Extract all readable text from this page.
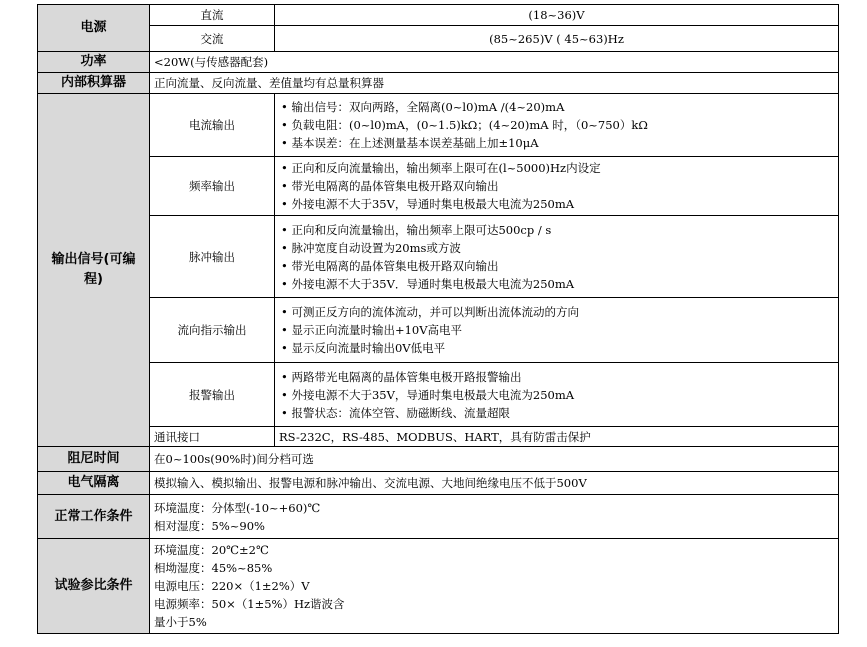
电源	直流	(18~36)V
	交流	(85~265)V ( 45~63)Hz
功率	<20W(与传感器配套)	
内部积算器	正向流量、反向流量、差值量均有总量积算器	
输出信号(可编程)	电流输出	• 输出信号：双向两路，全隔离(0~l0)mA /(4~20)mA
• 负载电阻：(0~l0)mA，(0~1.5)kΩ；(4~20)mA 时，（0~750）kΩ
• 基本误差：在上述测量基本误差基础上加±10μA

	频率输出	• 正向和反向流量输出，输出频率上限可在(l~5000)Hz内设定
• 带光电隔离的晶体管集电极开路双向输出
• 外接电源不大于35V，导通时集电极最大电流为250mA

	脉冲输出	• 正向和反向流量输出，输出频率上限可达500cp / s
• 脉冲宽度自动设置为20ms或方波
• 带光电隔离的晶体管集电极开路双向输出
• 外接电源不大于35V．导通时集电极最大电流为250mA

	流向指示输出	• 可测正反方向的流体流动，并可以判断出流体流动的方向
• 显示正向流量时输出+10V高电平
• 显示反向流量时输出0V低电平

	报警输出	• 两路带光电隔离的晶体管集电极开路报警输出
• 外接电源不大于35V，导通时集电极最大电流为250mA
• 报警状态：流体空管、励磁断线、流量超限

	通讯接口	RS-232C，RS-485、MODBUS、HART，具有防雷击保护
阻尼时间	在0~100s(90%时)间分档可选	
电气隔离	模拟输入、模拟输出、报警电源和脉冲输出、交流电源、大地间绝缘电压不低于500V	
正常工作条件	环境温度：分体型(-10~+60)℃
相对湿度：5%~90%	

试验参比条件	环境温度：20℃±2℃
相坳湿度：45%~85%
电源电压：220×（1±2%）V
电源频率：50×（1±5%）Hz谐波含
量小于5%	
